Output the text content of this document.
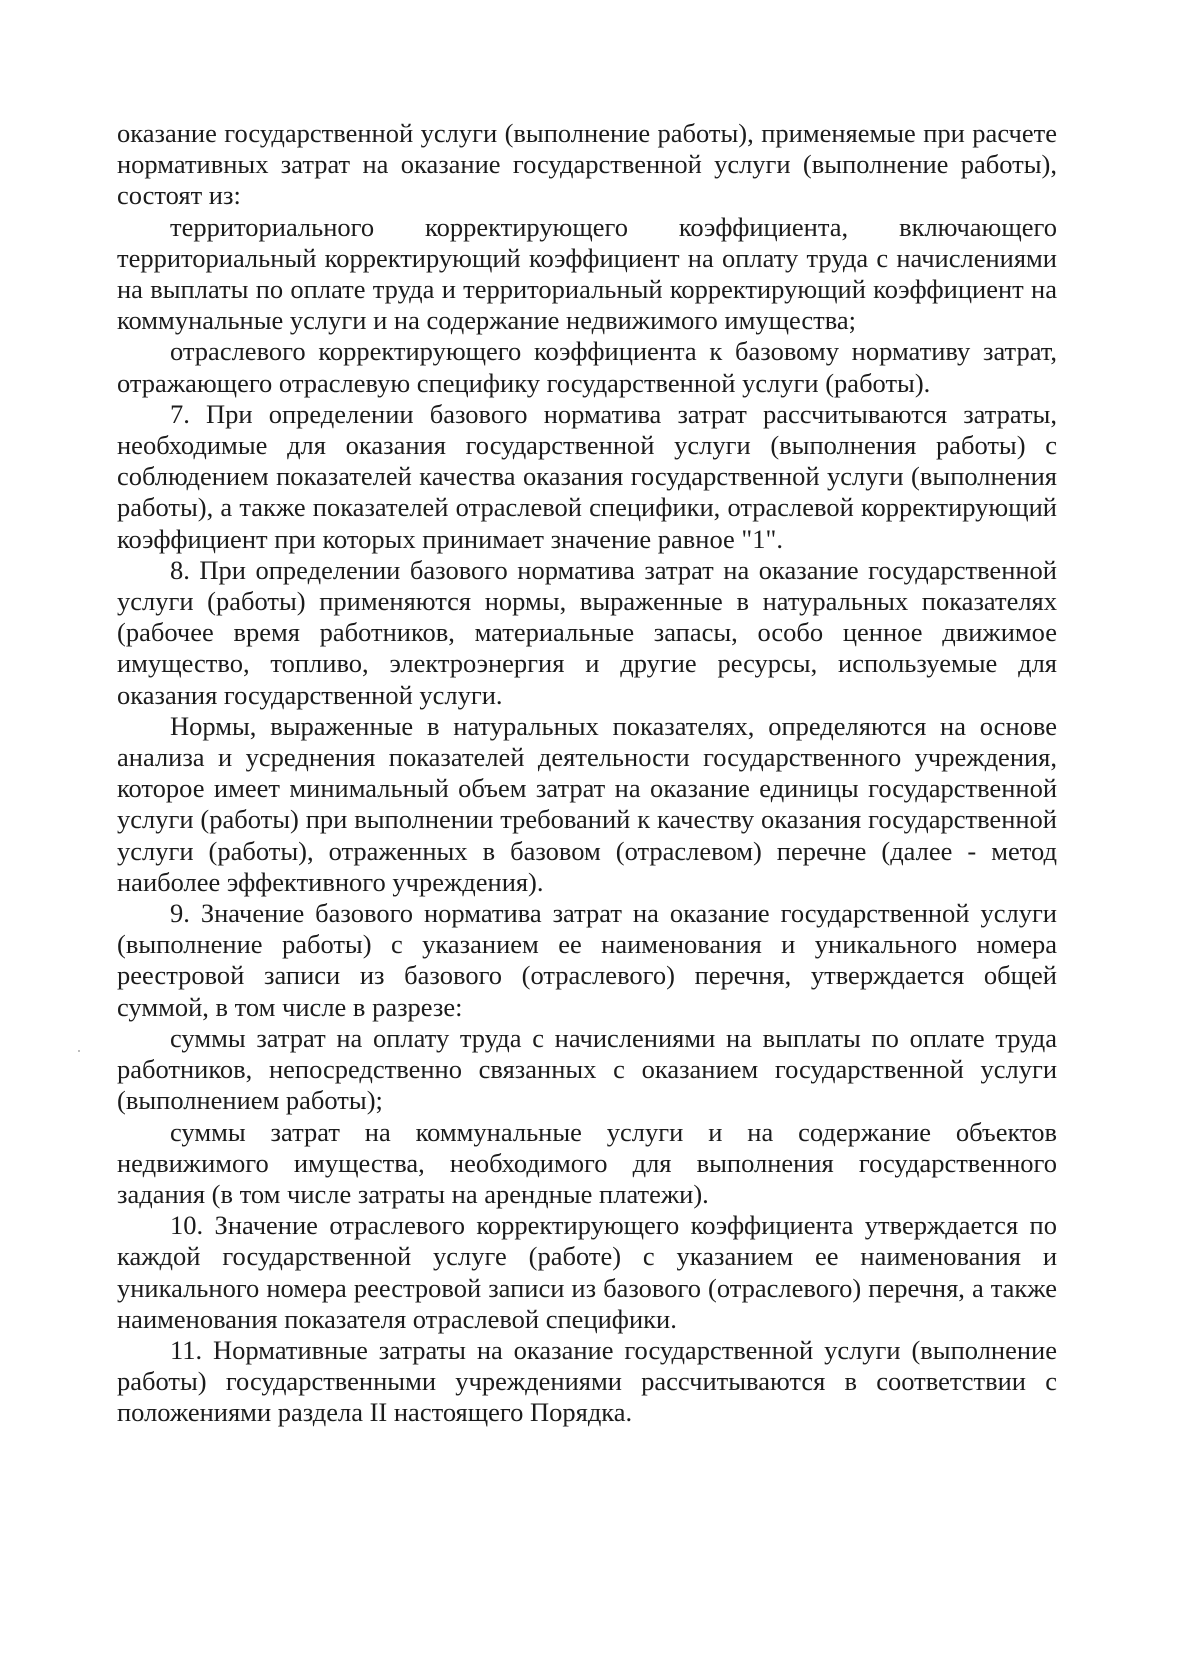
оказание государственной услуги (выполнение работы), применяемые при расчете нормативных затрат на оказание государственной услуги (выполнение работы), состоят из:

территориального корректирующего коэффициента, включающего территориальный корректирующий коэффициент на оплату труда с начислениями на выплаты по оплате труда и территориальный корректирующий коэффициент на коммунальные услуги и на содержание недвижимого имущества;

отраслевого корректирующего коэффициента к базовому нормативу затрат, отражающего отраслевую специфику государственной услуги (работы).

7. При определении базового норматива затрат рассчитываются затраты, необходимые для оказания государственной услуги (выполнения работы) с соблюдением показателей качества оказания государственной услуги (выполнения работы), а также показателей отраслевой специфики, отраслевой корректирующий коэффициент при которых принимает значение равное "1".

8. При определении базового норматива затрат на оказание государственной услуги (работы) применяются нормы, выраженные в натуральных показателях (рабочее время работников, материальные запасы, особо ценное движимое имущество, топливо, электроэнергия и другие ресурсы, используемые для оказания государственной услуги.

Нормы, выраженные в натуральных показателях, определяются на основе анализа и усреднения показателей деятельности государственного учреждения, которое имеет минимальный объем затрат на оказание единицы государственной услуги (работы) при выполнении требований к качеству оказания государственной услуги (работы), отраженных в базовом (отраслевом) перечне (далее - метод наиболее эффективного учреждения).

9. Значение базового норматива затрат на оказание государственной услуги (выполнение работы) с указанием ее наименования и уникального номера реестровой записи из базового (отраслевого) перечня, утверждается общей суммой, в том числе в разрезе:

суммы затрат на оплату труда с начислениями на выплаты по оплате труда работников, непосредственно связанных с оказанием государственной услуги (выполнением работы);

суммы затрат на коммунальные услуги и на содержание объектов недвижимого имущества, необходимого для выполнения государственного задания (в том числе затраты на арендные платежи).

10. Значение отраслевого корректирующего коэффициента утверждается по каждой государственной услуге (работе) с указанием ее наименования и уникального номера реестровой записи из базового (отраслевого) перечня, а также наименования показателя отраслевой специфики.

11. Нормативные затраты на оказание государственной услуги (выполнение работы) государственными учреждениями рассчитываются в соответствии с положениями раздела II настоящего Порядка.
